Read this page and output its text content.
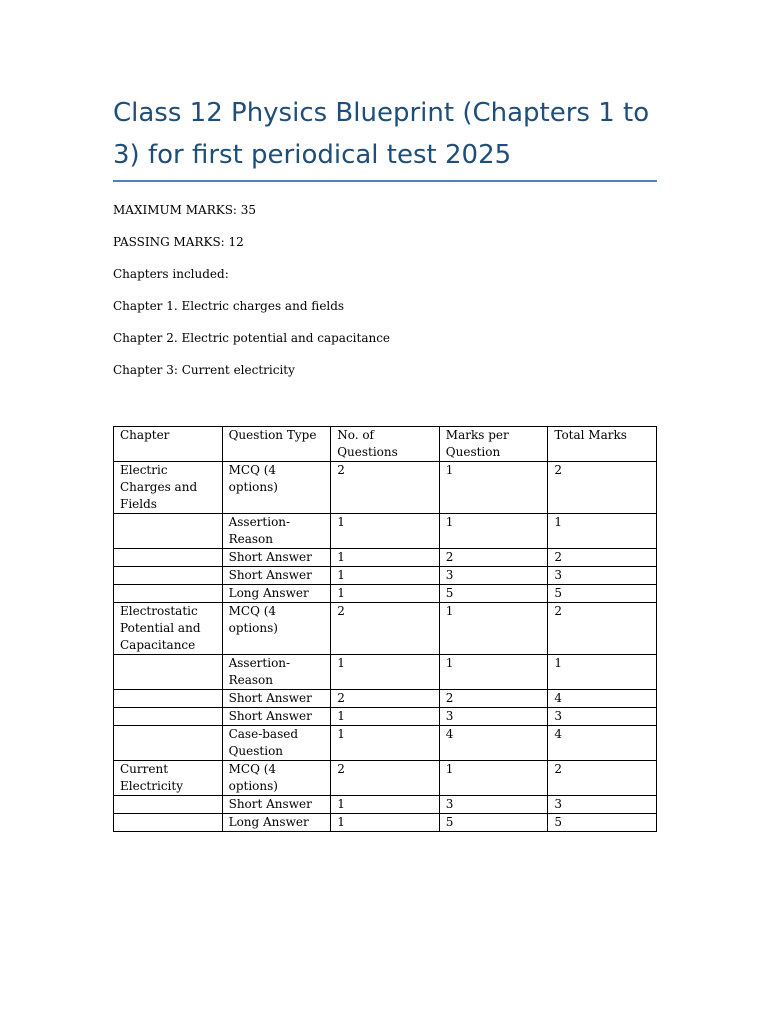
Class 12 Physics Blueprint (Chapters 1 to 3) for first periodical test 2025

MAXIMUM MARKS: 35

PASSING MARKS: 12

Chapters included:

Chapter 1. Electric charges and fields

Chapter 2. Electric potential and capacitance

Chapter 3: Current electricity

Chapter	Question Type	No. of Questions	Marks per Question	Total Marks
Electric Charges and Fields	MCQ (4 options)	2	1	2
	Assertion-Reason	1	1	1
	Short Answer	1	2	2
	Short Answer	1	3	3
	Long Answer	1	5	5
Electrostatic Potential and Capacitance	MCQ (4 options)	2	1	2
	Assertion-Reason	1	1	1
	Short Answer	2	2	4
	Short Answer	1	3	3
	Case-based Question	1	4	4
Current Electricity	MCQ (4 options)	2	1	2
	Short Answer	1	3	3
	Long Answer	1	5	5
